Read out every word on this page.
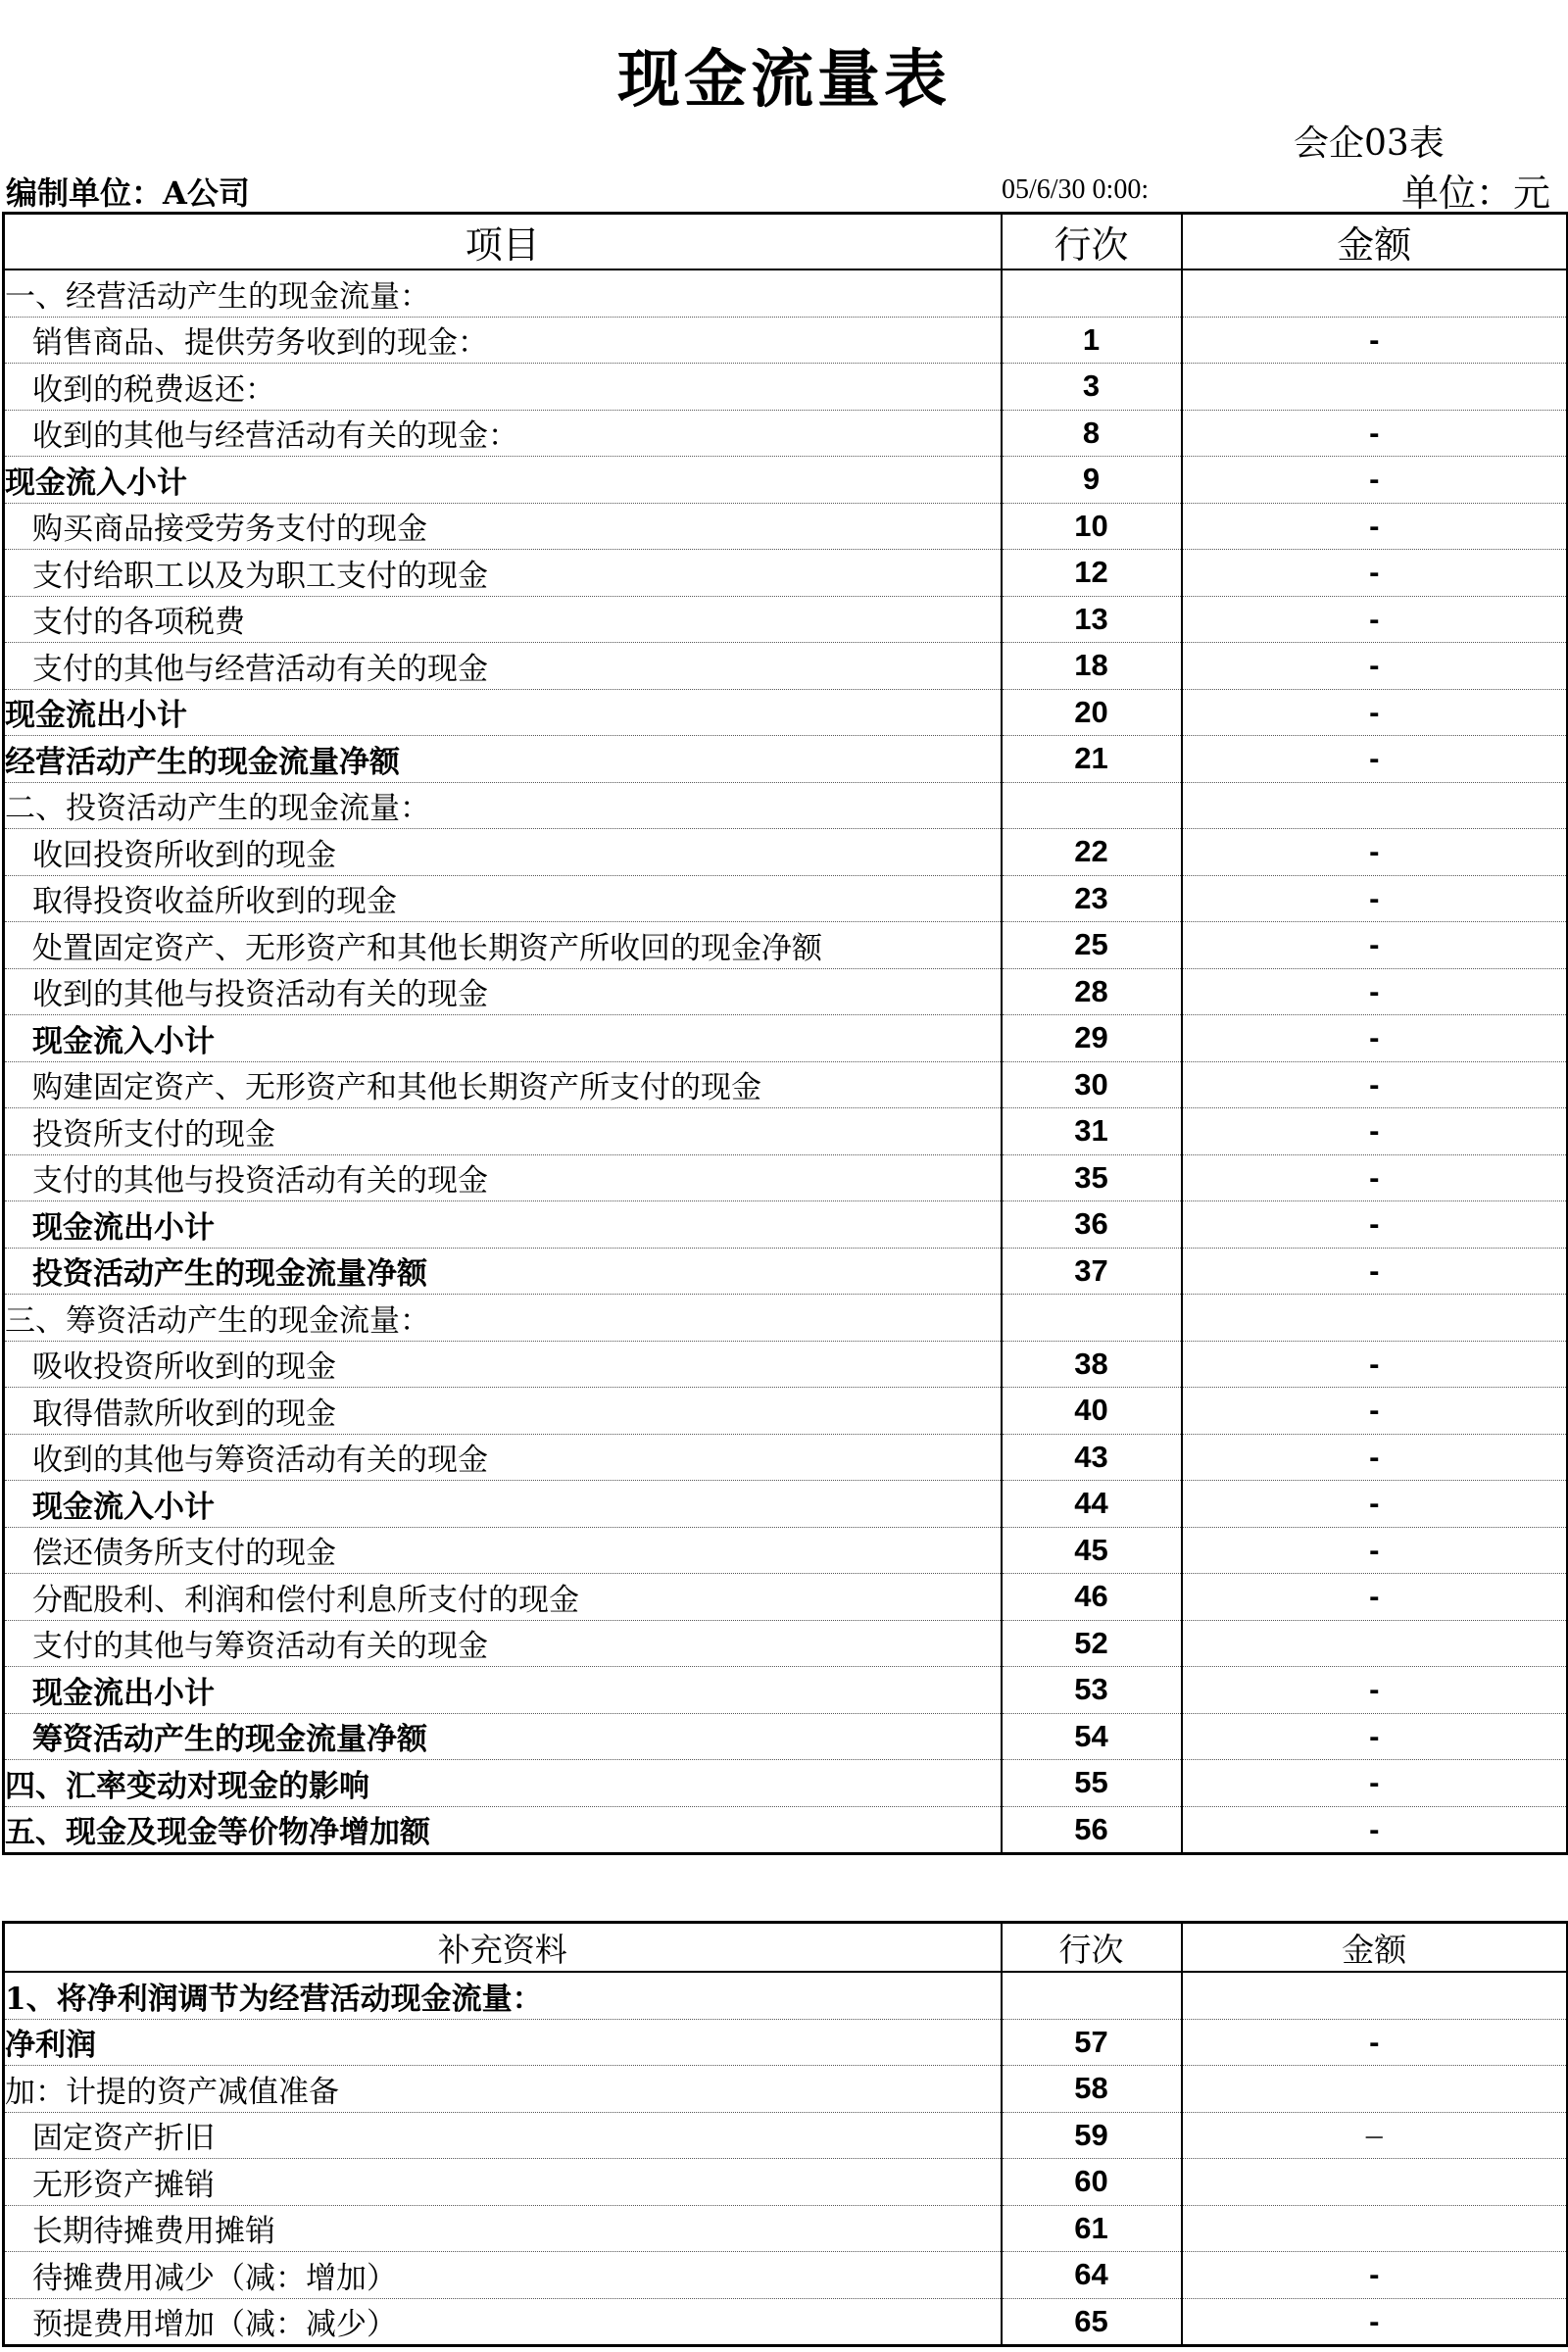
现金流量表
会企03表
编制单位：A公司	05/6/30 0:00:	单位：元
项目	行次	金额
一、经营活动产生的现金流量：		
销售商品、提供劳务收到的现金：	1	-
收到的税费返还：	3	
收到的其他与经营活动有关的现金：	8	-
现金流入小计	9	-
购买商品接受劳务支付的现金	10	-
支付给职工以及为职工支付的现金	12	-
支付的各项税费	13	-
支付的其他与经营活动有关的现金	18	-
现金流出小计	20	-
经营活动产生的现金流量净额	21	-
二、投资活动产生的现金流量：		
收回投资所收到的现金	22	-
取得投资收益所收到的现金	23	-
处置固定资产、无形资产和其他长期资产所收回的现金净额	25	-
收到的其他与投资活动有关的现金	28	-
现金流入小计	29	-
购建固定资产、无形资产和其他长期资产所支付的现金	30	-
投资所支付的现金	31	-
支付的其他与投资活动有关的现金	35	-
现金流出小计	36	-
投资活动产生的现金流量净额	37	-
三、筹资活动产生的现金流量：		
吸收投资所收到的现金	38	-
取得借款所收到的现金	40	-
收到的其他与筹资活动有关的现金	43	-
现金流入小计	44	-
偿还债务所支付的现金	45	-
分配股利、利润和偿付利息所支付的现金	46	-
支付的其他与筹资活动有关的现金	52	
现金流出小计	53	-
筹资活动产生的现金流量净额	54	-
四、汇率变动对现金的影响	55	-
五、现金及现金等价物净增加额	56	-
补充资料	行次	金额
1、将净利润调节为经营活动现金流量：		
净利润	57	-
加：计提的资产减值准备	58	
固定资产折旧	59	–
无形资产摊销	60	
长期待摊费用摊销	61	
待摊费用减少（减：增加）	64	-
预提费用增加（减：减少）	65	-
